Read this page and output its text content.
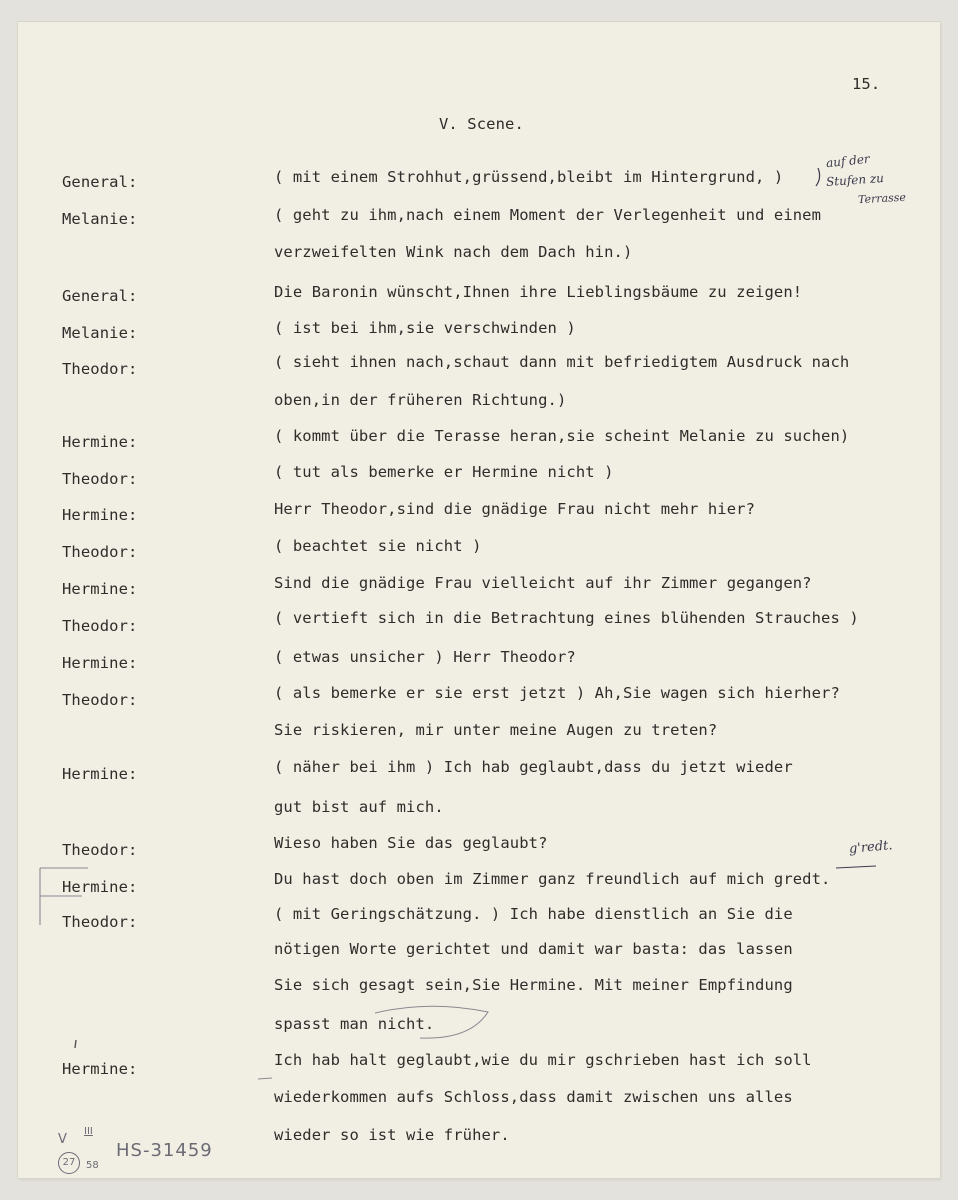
15.
V. Scene.
General:
Melanie:
General:
Melanie:
Theodor:
Hermine:
Theodor:
Hermine:
Theodor:
Hermine:
Theodor:
Hermine:
Theodor:
Hermine:
Theodor:
Hermine:
Theodor:
Hermine:
( mit einem Strohhut,grüssend,bleibt im Hintergrund, )
( geht zu ihm,nach einem Moment der Verlegenheit und einem
verzweifelten Wink nach dem Dach hin.)
Die Baronin wünscht,Ihnen ihre Lieblingsbäume zu zeigen!
( ist bei ihm,sie verschwinden )
( sieht ihnen nach,schaut dann mit befriedigtem Ausdruck nach
oben,in der früheren Richtung.)
( kommt über die Terasse heran,sie scheint Melanie zu suchen)
( tut als bemerke er Hermine nicht )
Herr Theodor,sind die gnädige Frau nicht mehr hier?
( beachtet sie nicht )
Sind die gnädige Frau vielleicht auf ihr Zimmer gegangen?
( vertieft sich in die Betrachtung eines blühenden Strauches )
( etwas unsicher ) Herr Theodor?
( als bemerke er sie erst jetzt ) Ah,Sie wagen sich hierher?
Sie riskieren, mir unter meine Augen zu treten?
( näher bei ihm ) Ich hab geglaubt,dass du jetzt wieder
gut bist auf mich.
Wieso haben Sie das geglaubt?
Du hast doch oben im Zimmer ganz freundlich auf mich gredt.
( mit Geringschätzung. ) Ich habe dienstlich an Sie die
nötigen Worte gerichtet und damit war basta: das lassen
Sie sich gesagt sein,Sie Hermine. Mit meiner Empfindung
spasst man nicht.
Ich hab halt geglaubt,wie du mir gschrieben hast ich soll
wiederkommen aufs Schloss,dass damit zwischen uns alles
wieder so ist wie früher.
auf der
Stufen zu
Terrasse
g'redt.
V
III
58
27
HS-31459
